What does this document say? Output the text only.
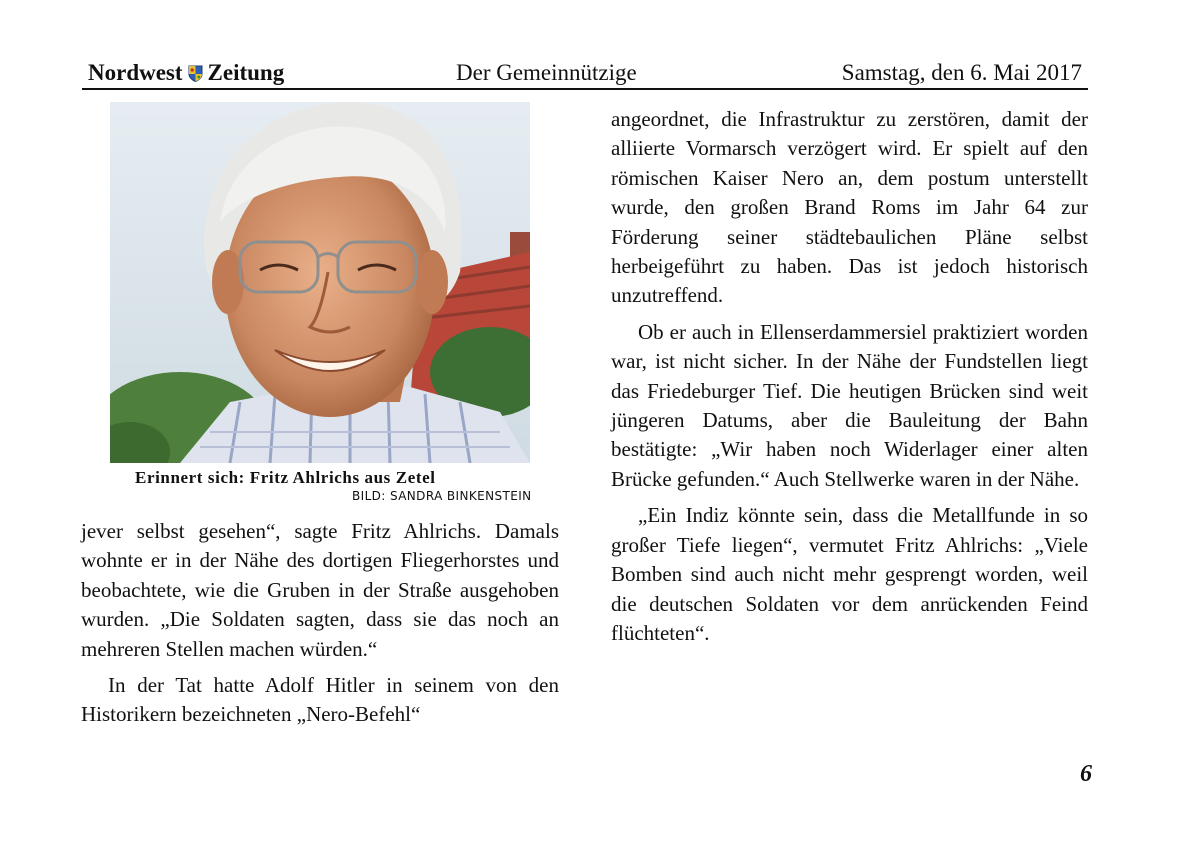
Nordwest Zeitung	Der Gemeinnützige	Samstag, den 6. Mai 2017
Erinnert sich: Fritz Ahlrichs aus Zetel
BILD: SANDRA BINKENSTEIN

jever selbst gesehen“, sagte Fritz Ahlrichs. Damals wohnte er in der Nähe des dortigen Fliegerhorstes und beobachtete, wie die Gruben in der Straße ausgehoben wurden. „Die Soldaten sagten, dass sie das noch an mehreren Stellen machen würden.“

In der Tat hatte Adolf Hitler in seinem von den Historikern bezeichneten „Nero-Befehl“

angeordnet, die Infrastruktur zu zerstören, damit der alliierte Vormarsch verzögert wird. Er spielt auf den römischen Kaiser Nero an, dem postum unterstellt wurde, den großen Brand Roms im Jahr 64 zur Förderung seiner städtebaulichen Pläne selbst herbeigeführt zu haben. Das ist jedoch historisch unzutreffend.

Ob er auch in Ellenserdammersiel praktiziert worden war, ist nicht sicher. In der Nähe der Fundstellen liegt das Friedeburger Tief. Die heutigen Brücken sind weit jüngeren Datums, aber die Bauleitung der Bahn bestätigte: „Wir haben noch Widerlager einer alten Brücke gefunden.“ Auch Stellwerke waren in der Nähe.

„Ein Indiz könnte sein, dass die Metallfunde in so großer Tiefe liegen“, vermutet Fritz Ahlrichs: „Viele Bomben sind auch nicht mehr gesprengt worden, weil die deutschen Soldaten vor dem anrückenden Feind flüchteten“.

6
